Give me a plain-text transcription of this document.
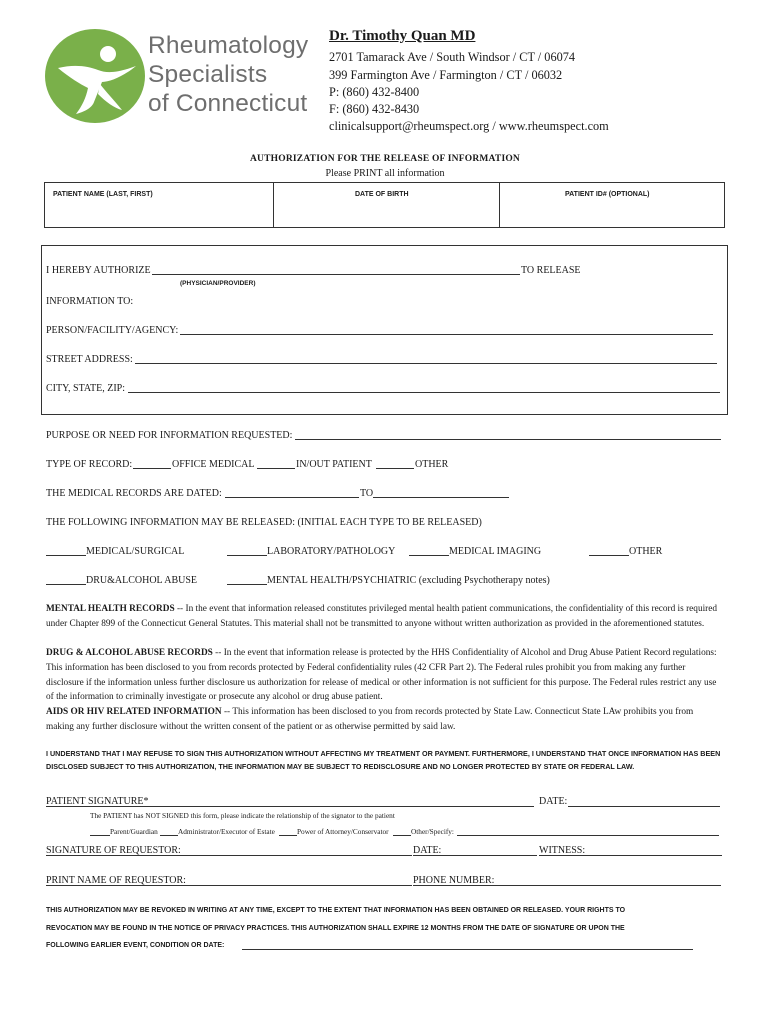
Rheumatology
Specialists
of Connecticut
Dr. Timothy Quan MD
2701 Tamarack Ave / South Windsor / CT / 06074
399 Farmington Ave / Farmington / CT / 06032
P: (860) 432-8400
F: (860) 432-8430
clinicalsupport@rheumspect.org / www.rheumspect.com
AUTHORIZATION FOR THE RELEASE OF INFORMATION
Please PRINT all information
PATIENT NAME (LAST, FIRST)	DATE OF BIRTH	PATIENT ID# (OPTIONAL)
I HEREBY AUTHORIZE	TO RELEASE
(PHYSICIAN/PROVIDER)
INFORMATION TO:
PERSON/FACILITY/AGENCY:
STREET ADDRESS:
CITY, STATE, ZIP:
PURPOSE OR NEED FOR INFORMATION REQUESTED:
TYPE OF RECORD:	OFFICE MEDICAL	IN/OUT PATIENT	OTHER
THE MEDICAL RECORDS ARE DATED:	TO
THE FOLLOWING INFORMATION MAY BE RELEASED: (INITIAL EACH TYPE TO BE RELEASED)
MEDICAL/SURGICAL	LABORATORY/PATHOLOGY	MEDICAL IMAGING	OTHER
DRU&ALCOHOL ABUSE	MENTAL HEALTH/PSYCHIATRIC (excluding Psychotherapy notes)
MENTAL HEALTH RECORDS -- In the event that information released constitutes privileged mental health patient communications, the confidentiality of this record is required under Chapter 899 of the Connecticut General Statutes. This material shall not be transmitted to anyone without written authorization as provided in the aforementioned statutes.
DRUG & ALCOHOL ABUSE RECORDS -- In the event that information release is protected by the HHS Confidentiality of Alcohol and Drug Abuse Patient Record regulations: This information has been disclosed to you from records protected by Federal confidentiality rules (42 CFR Part 2). The Federal rules prohibit you from making any further disclosure if the information unless further disclosure us authorization for release of medical or other information is not sufficient for this purpose. The Federal rules restrict any use of the information to criminally investigate or prosecute any alcohol or drug abuse patient.
AIDS OR HIV RELATED INFORMATION -- This information has been disclosed to you from records protected by State Law. Connecticut State LAw prohibits you from making any further disclosure without the written consent of the patient or as otherwise permitted by said law.
I UNDERSTAND THAT I MAY REFUSE TO SIGN THIS AUTHORIZATION WITHOUT AFFECTING MY TREATMENT OR PAYMENT. FURTHERMORE, I UNDERSTAND THAT ONCE INFORMATION HAS BEEN DISCLOSED SUBJECT TO THIS AUTHORIZATION, THE INFORMATION MAY BE SUBJECT TO REDISCLOSURE AND NO LONGER PROTECTED BY STATE OR FEDERAL LAW.
PATIENT SIGNATURE*	DATE:
The PATIENT has NOT SIGNED this form, please indicate the relationship of the signator to the patient
Parent/Guardian	Administrator/Executor of Estate	Power of Attorney/Conservator	Other/Specify:
SIGNATURE OF REQUESTOR:	DATE:	WITNESS:
PRINT NAME OF REQUESTOR:	PHONE NUMBER:
THIS AUTHORIZATION MAY BE REVOKED IN WRITING AT ANY TIME, EXCEPT TO THE EXTENT THAT INFORMATION HAS BEEN OBTAINED OR RELEASED. YOUR RIGHTS TO
REVOCATION MAY BE FOUND IN THE NOTICE OF PRIVACY PRACTICES. THIS AUTHORIZATION SHALL EXPIRE 12 MONTHS FROM THE DATE OF SIGNATURE OR UPON THE
FOLLOWING EARLIER EVENT, CONDITION OR DATE:
